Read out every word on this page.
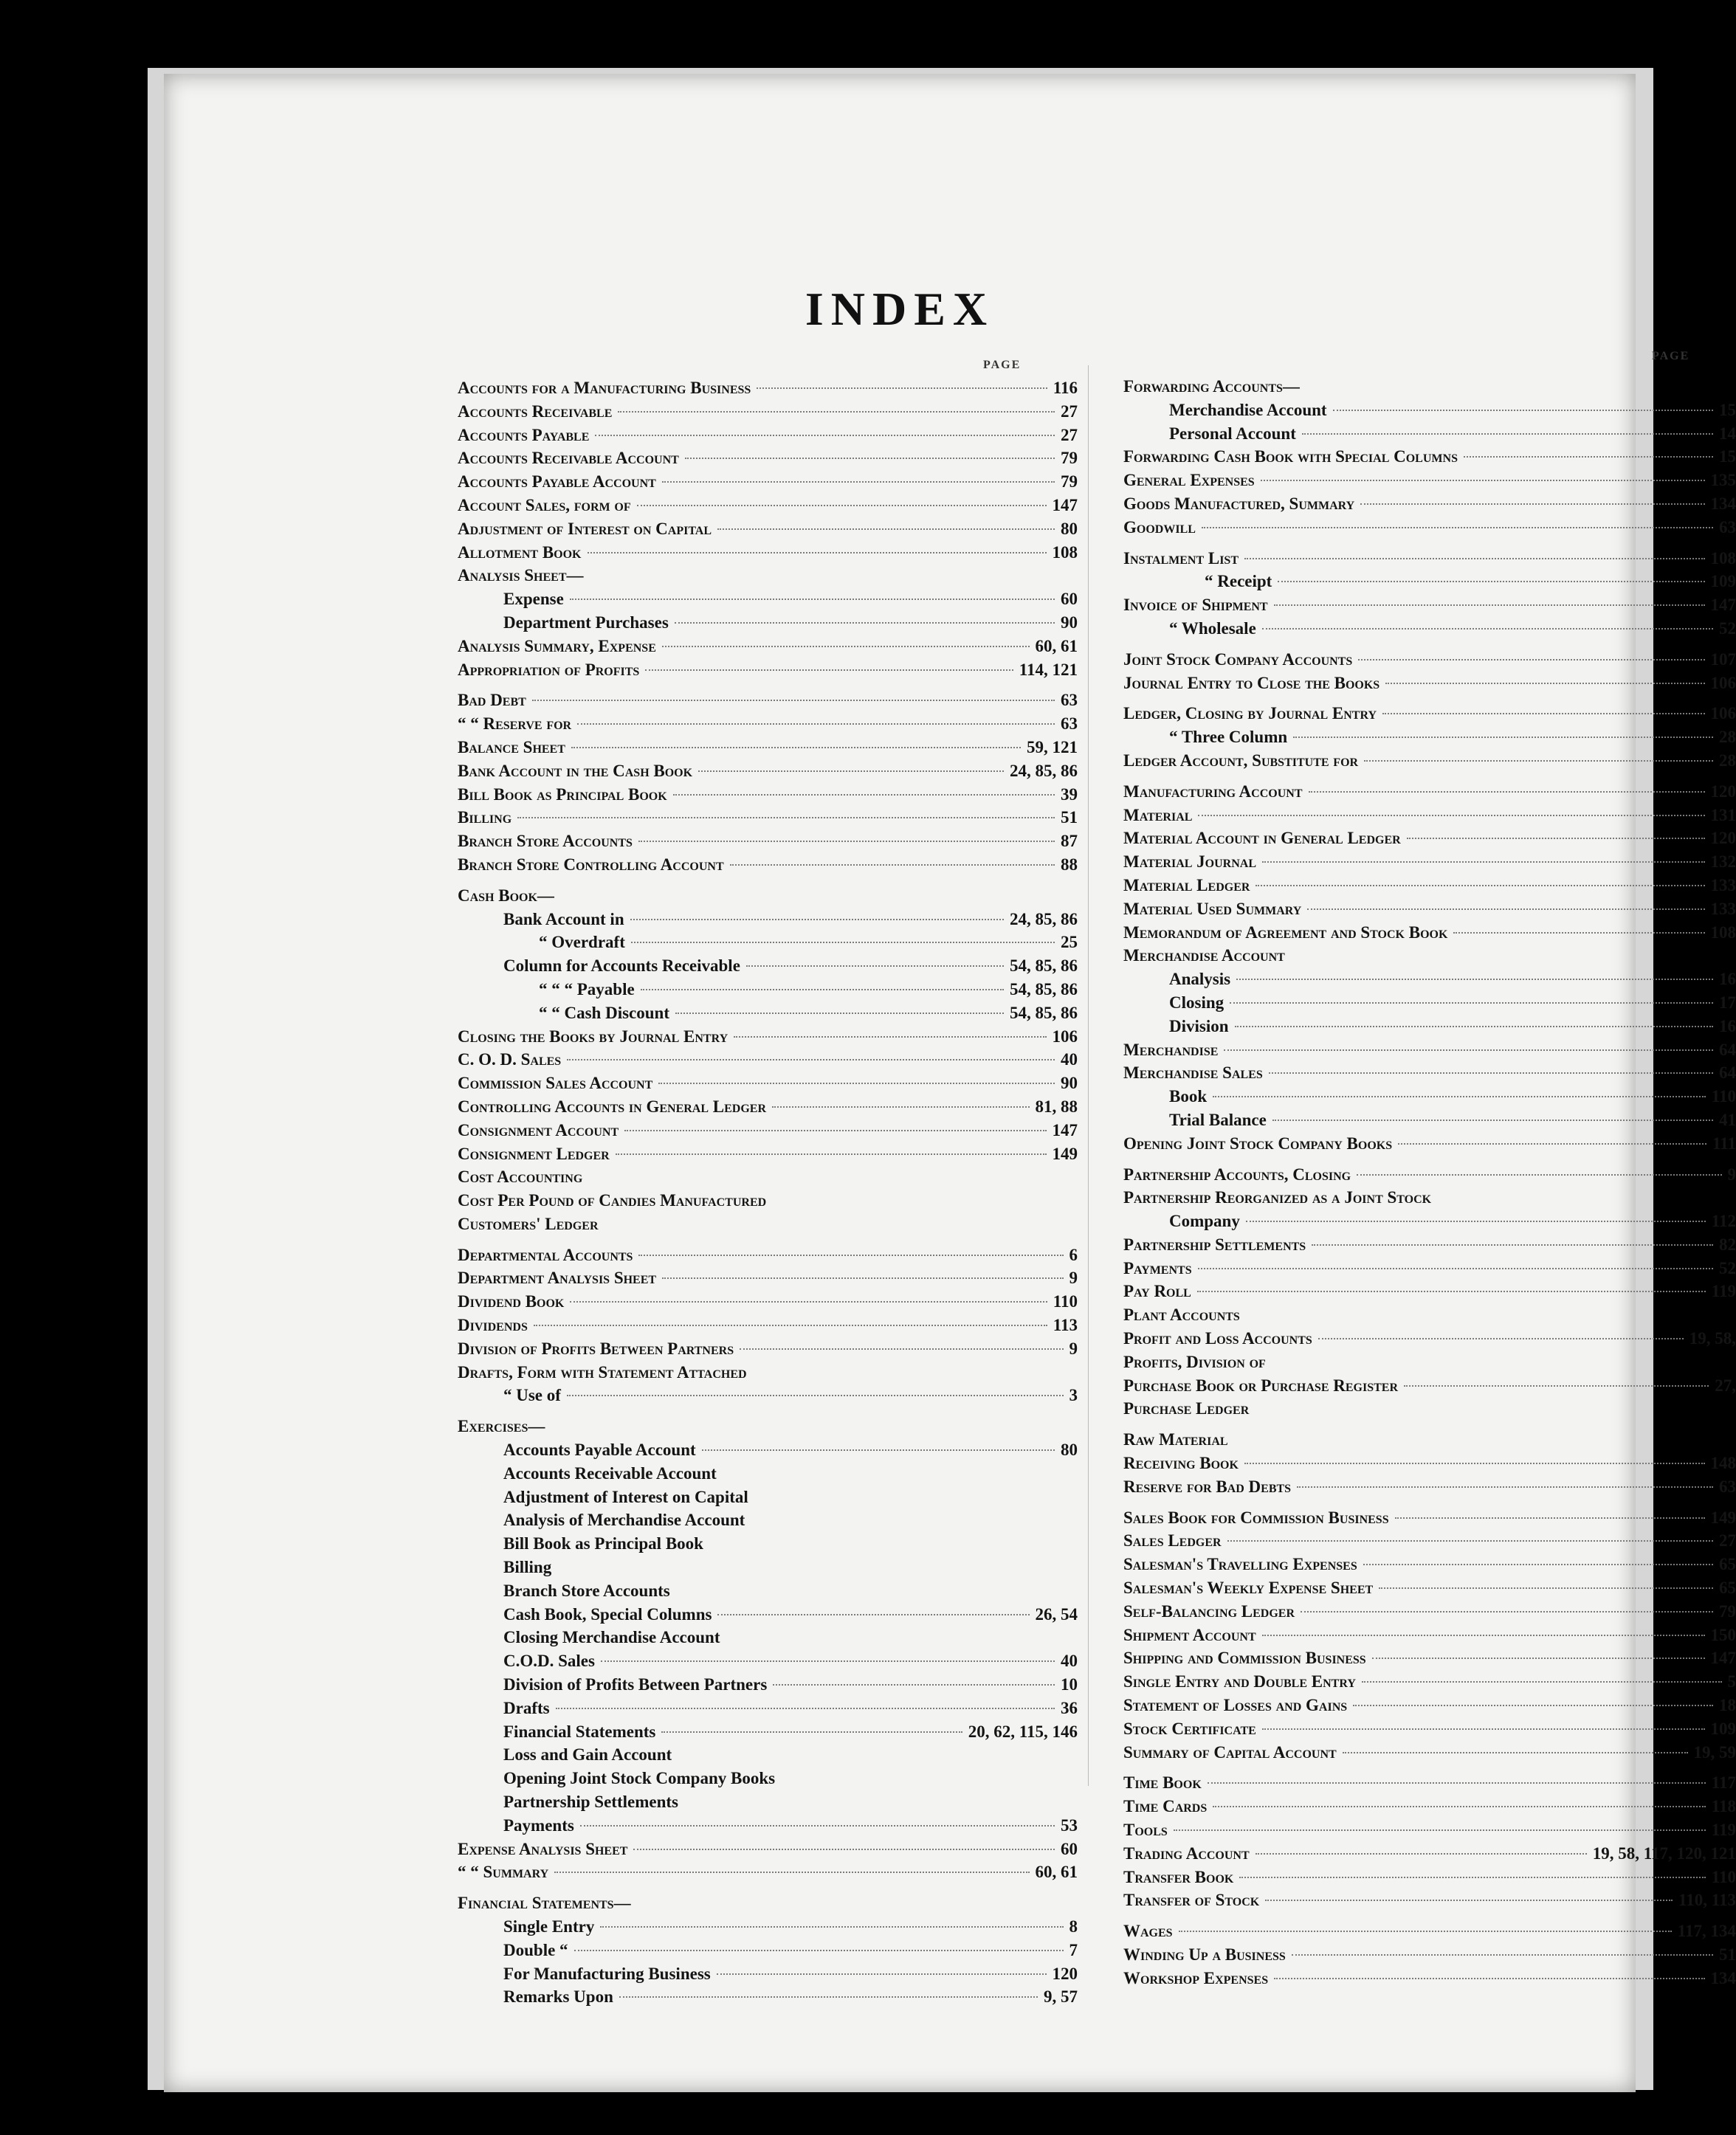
INDEX
PAGE
PAGE
Accounts for a Manufacturing Business	116
Accounts Receivable	27
Accounts Payable	27
Accounts Receivable Account	79
Accounts Payable Account	79
Account Sales, form of	147
Adjustment of Interest on Capital	80
Allotment Book	108
Analysis Sheet—
Expense	60
Department Purchases	90
Analysis Summary, Expense	60, 61
Appropriation of Profits	114, 121
Bad Debt	63
“ “ Reserve for	63
Balance Sheet	59, 121
Bank Account in the Cash Book	24, 85, 86
Bill Book as Principal Book	39
Billing	51
Branch Store Accounts	87
Branch Store Controlling Account	88
Cash Book—
Bank Account in	24, 85, 86
“ Overdraft	25
Column for Accounts Receivable	54, 85, 86
“ “ “ Payable	54, 85, 86
“ “ Cash Discount	54, 85, 86
Closing the Books by Journal Entry	106
C. O. D. Sales	40
Commission Sales Account	90
Controlling Accounts in General Ledger	81, 88
Consignment Account	147
Consignment Ledger	149
Cost Accounting
Cost Per Pound of Candies Manufactured
Customers' Ledger
Departmental Accounts	6
Department Analysis Sheet	9
Dividend Book	110
Dividends	113
Division of Profits Between Partners	9
Drafts, Form with Statement Attached
“ Use of	3
Exercises—
Accounts Payable Account	80
Accounts Receivable Account
Adjustment of Interest on Capital
Analysis of Merchandise Account
Bill Book as Principal Book
Billing
Branch Store Accounts
Cash Book, Special Columns	26, 54
Closing Merchandise Account
C.O.D. Sales	40
Division of Profits Between Partners	10
Drafts	36
Financial Statements	20, 62, 115, 146
Loss and Gain Account
Opening Joint Stock Company Books
Partnership Settlements
Payments	53
Expense Analysis Sheet	60
“ “ Summary	60, 61
Financial Statements—
Single Entry	8
Double “	7
For Manufacturing Business	120
Remarks Upon	9, 57
Forwarding Accounts—
Merchandise Account	15
Personal Account	14
Forwarding Cash Book with Special Columns	15
General Expenses	135
Goods Manufactured, Summary	134
Goodwill	63
Instalment List	108
“ Receipt	109
Invoice of Shipment	147
“ Wholesale	52
Joint Stock Company Accounts	107
Journal Entry to Close the Books	106
Ledger, Closing by Journal Entry	106
“ Three Column	28
Ledger Account, Substitute for	28
Manufacturing Account	120
Material	131
Material Account in General Ledger	120
Material Journal	132
Material Ledger	133
Material Used Summary	133
Memorandum of Agreement and Stock Book	108
Merchandise Account
Analysis	16
Closing	17
Division	16
Merchandise	64
Merchandise Sales	64
Book	110
Trial Balance	41
Opening Joint Stock Company Books	111
Partnership Accounts, Closing	9
Partnership Reorganized as a Joint Stock
Company	112
Partnership Settlements	82
Payments	52
Pay Roll	119
Plant Accounts
Profit and Loss Accounts	19, 58,
Profits, Division of
Purchase Book or Purchase Register	27,
Purchase Ledger
Raw Material
Receiving Book	148
Reserve for Bad Debts	63
Sales Book for Commission Business	149
Sales Ledger	27
Salesman's Travelling Expenses	65
Salesman's Weekly Expense Sheet	65
Self-Balancing Ledger	79
Shipment Account	150
Shipping and Commission Business	147
Single Entry and Double Entry	5
Statement of Losses and Gains	18
Stock Certificate	109
Summary of Capital Account	19, 59
Time Book	117
Time Cards	118
Tools	119
Trading Account	19, 58, 117, 120, 121
Transfer Book	110
Transfer of Stock	110, 113
Wages	117, 134
Winding Up a Business	51
Workshop Expenses	134
